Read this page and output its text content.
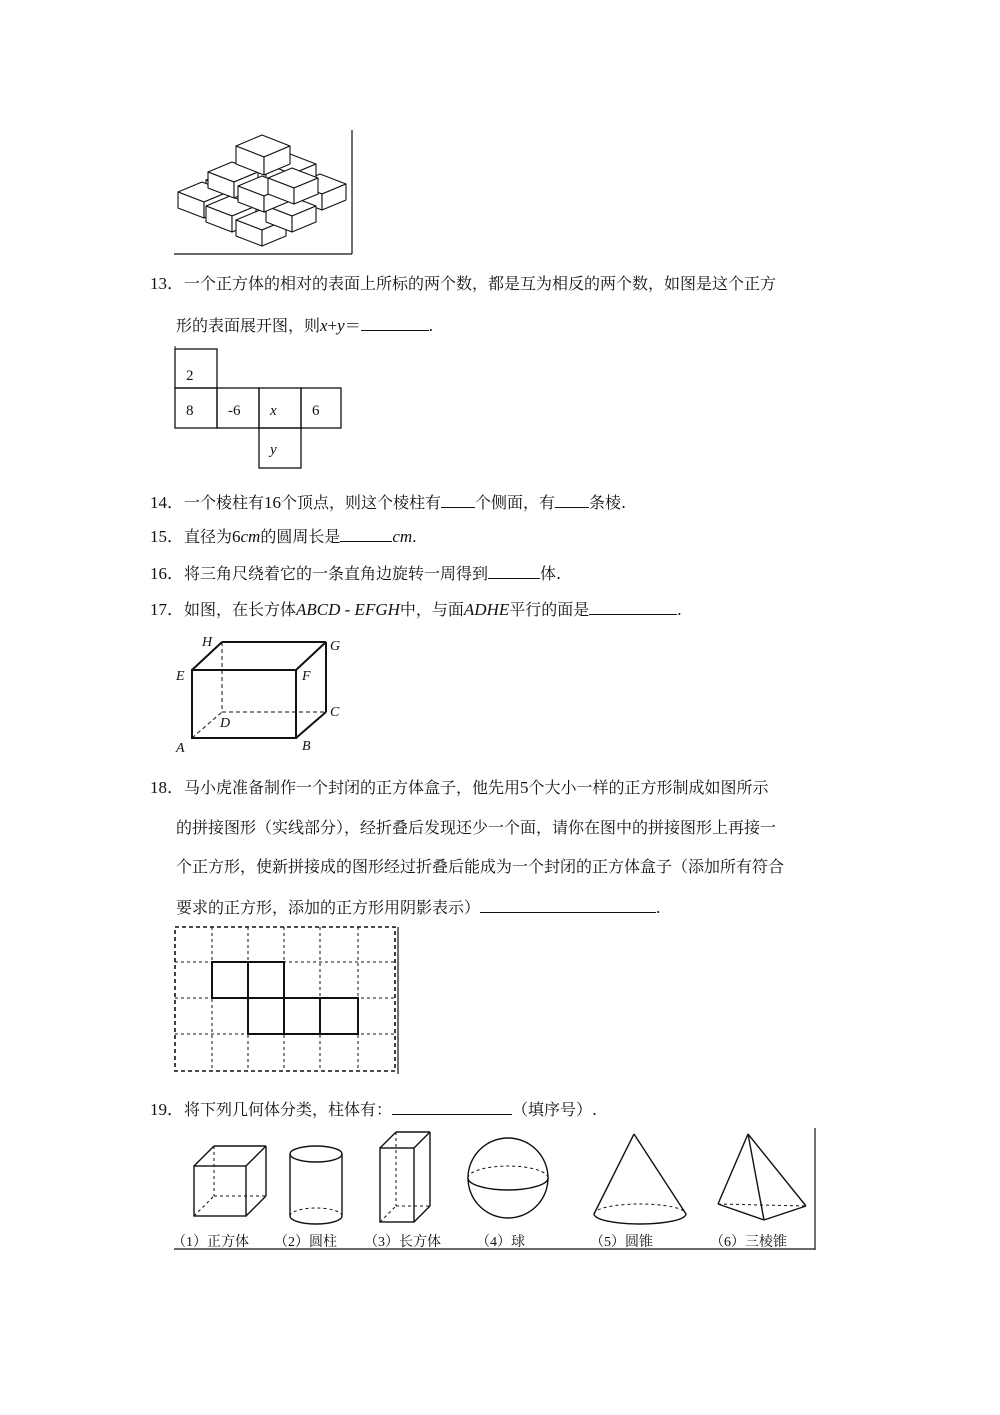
13．一个正方体的相对的表面上所标的两个数，都是互为相反的两个数，如图是这个正方
形的表面展开图，则x+y＝	.
2
8 -6 x 6
y
14．一个棱柱有16个顶点，则这个棱柱有 个侧面，有 条棱.
15．直径为6cm的圆周长是	cm.
16．将三角尺绕着它的一条直角边旋转一周得到	体.
17．如图，在长方体ABCD - EFGH中，与面ADHE平行的面是	.
A	B
C
D
E	F
G
H
18．马小虎准备制作一个封闭的正方体盒子，他先用5个大小一样的正方形制成如图所示
的拼接图形（实线部分），经折叠后发现还少一个面，请你在图中的拼接图形上再接一
个正方形，使新拼接成的图形经过折叠后能成为一个封闭的正方体盒子（添加所有符合
要求的正方形，添加的正方形用阴影表示）	.
19．将下列几何体分类，柱体有：	（填序号）.
（1）正方体 （2）圆柱 （3）长方体	（4）球	（5）圆锥	（6）三棱锥
